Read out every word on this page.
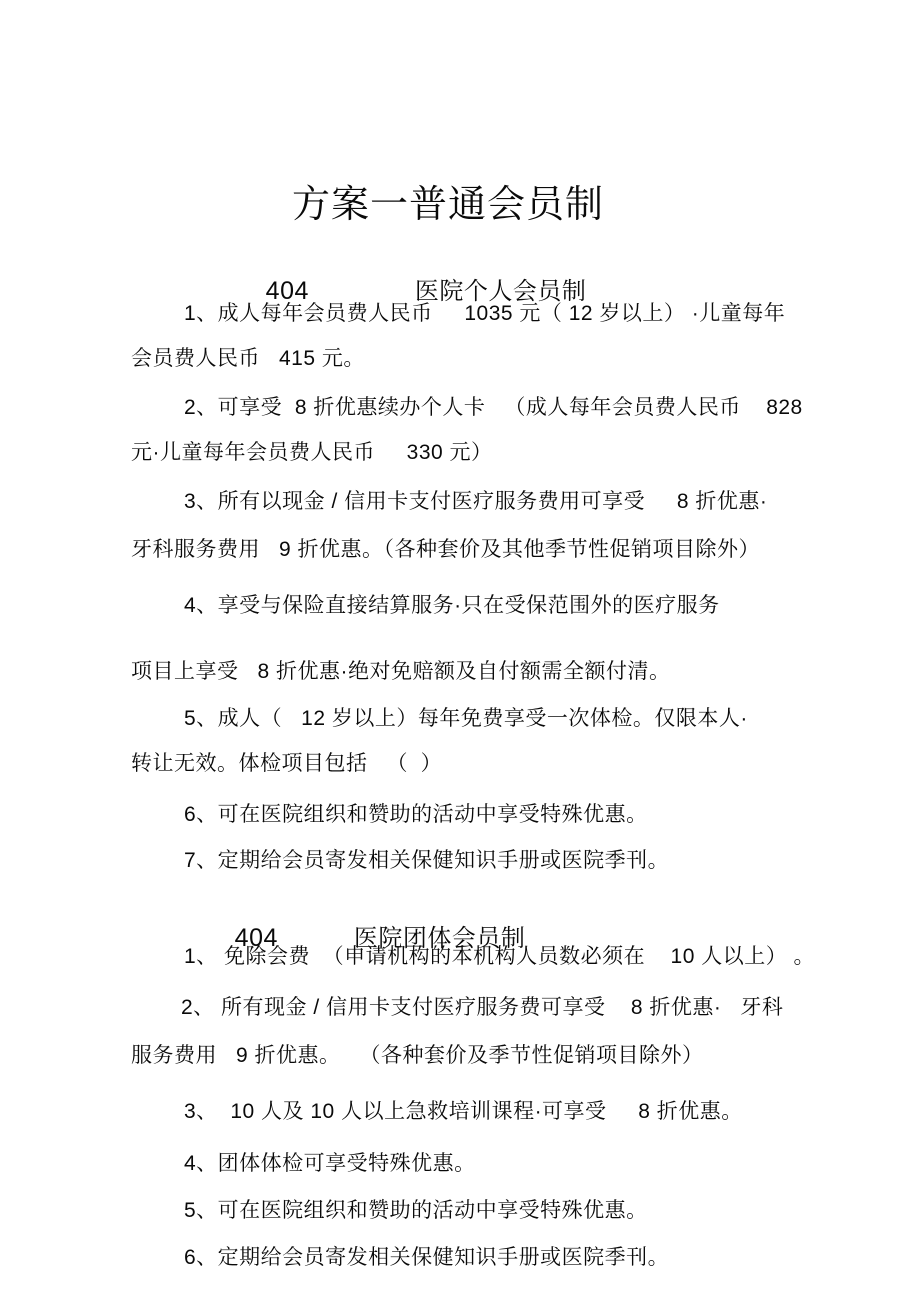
方案一普通会员制

404	医院个人会员制

1、成人每年会员费人民币     1035 元（ 12 岁以上） ·儿童每年
会员费人民币   415 元。
2、可享受  8 折优惠续办个人卡   （成人每年会员费人民币    828
元·儿童每年会员费人民币     330 元）
3、所有以现金 / 信用卡支付医疗服务费用可享受     8 折优惠·
牙科服务费用   9 折优惠。（各种套价及其他季节性促销项目除外）
4、享受与保险直接结算服务·只在受保范围外的医疗服务
项目上享受   8 折优惠·绝对免赔额及自付额需全额付清。
5、成人（   12 岁以上）每年免费享受一次体检。仅限本人·
转让无效。体检项目包括   （  ）
6、可在医院组织和赞助的活动中享受特殊优惠。
7、定期给会员寄发相关保健知识手册或医院季刊。

404	医院团体会员制

1、 免除会费  （申请机构的本机构人员数必须在    10 人以上） 。
2、 所有现金 / 信用卡支付医疗服务费可享受    8 折优惠·   牙科
服务费用   9 折优惠。   （各种套价及季节性促销项目除外）
3、  10 人及 10 人以上急救培训课程·可享受     8 折优惠。
4、团体体检可享受特殊优惠。
5、可在医院组织和赞助的活动中享受特殊优惠。
6、定期给会员寄发相关保健知识手册或医院季刊。
